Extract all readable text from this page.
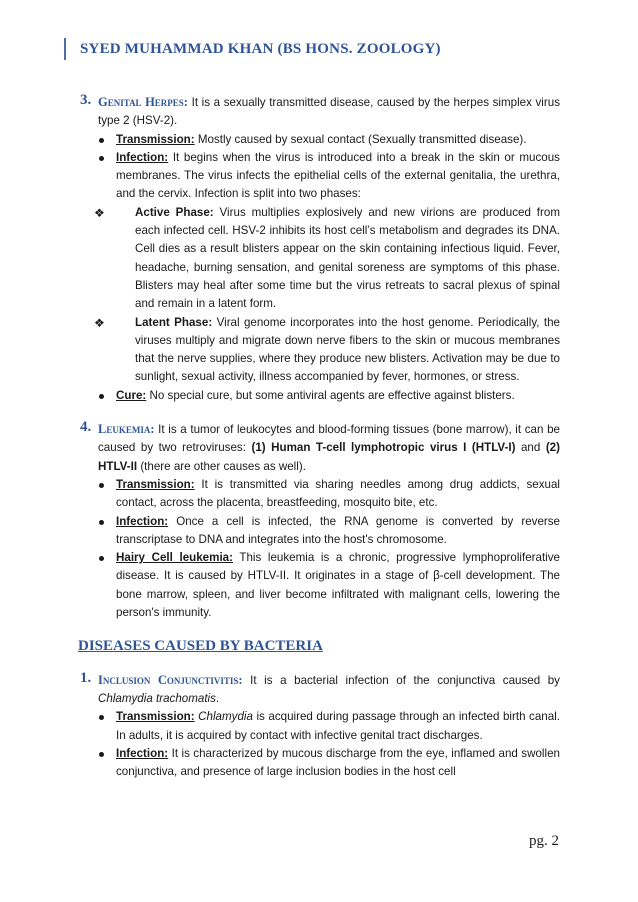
SYED MUHAMMAD KHAN (BS HONS. ZOOLOGY)
3. Genital Herpes: It is a sexually transmitted disease, caused by the herpes simplex virus type 2 (HSV-2).
Transmission: Mostly caused by sexual contact (Sexually transmitted disease).
Infection: It begins when the virus is introduced into a break in the skin or mucous membranes. The virus infects the epithelial cells of the external genitalia, the urethra, and the cervix. Infection is split into two phases:
❖	Active Phase: Virus multiplies explosively and new virions are produced from each infected cell. HSV-2 inhibits its host cell’s metabolism and degrades its DNA. Cell dies as a result blisters appear on the skin containing infectious liquid. Fever, headache, burning sensation, and genital soreness are symptoms of this phase. Blisters may heal after some time but the virus retreats to sacral plexus of spinal and remain in a latent form.
❖	Latent Phase: Viral genome incorporates into the host genome. Periodically, the viruses multiply and migrate down nerve fibers to the skin or mucous membranes that the nerve supplies, where they produce new blisters. Activation may be due to sunlight, sexual activity, illness accompanied by fever, hormones, or stress.
Cure: No special cure, but some antiviral agents are effective against blisters.
4. Leukemia: It is a tumor of leukocytes and blood-forming tissues (bone marrow), it can be caused by two retroviruses: (1) Human T-cell lymphotropic virus I (HTLV-I) and (2) HTLV-II (there are other causes as well).
Transmission: It is transmitted via sharing needles among drug addicts, sexual contact, across the placenta, breastfeeding, mosquito bite, etc.
Infection: Once a cell is infected, the RNA genome is converted by reverse transcriptase to DNA and integrates into the host's chromosome.
Hairy Cell leukemia: This leukemia is a chronic, progressive lymphoproliferative disease. It is caused by HTLV-II. It originates in a stage of β-cell development. The bone marrow, spleen, and liver become infiltrated with malignant cells, lowering the person's immunity.
DISEASES CAUSED BY BACTERIA
1. Inclusion Conjunctivitis: It is a bacterial infection of the conjunctiva caused by Chlamydia trachomatis.
Transmission: Chlamydia is acquired during passage through an infected birth canal. In adults, it is acquired by contact with infective genital tract discharges.
Infection: It is characterized by mucous discharge from the eye, inflamed and swollen conjunctiva, and presence of large inclusion bodies in the host cell
pg. 2
